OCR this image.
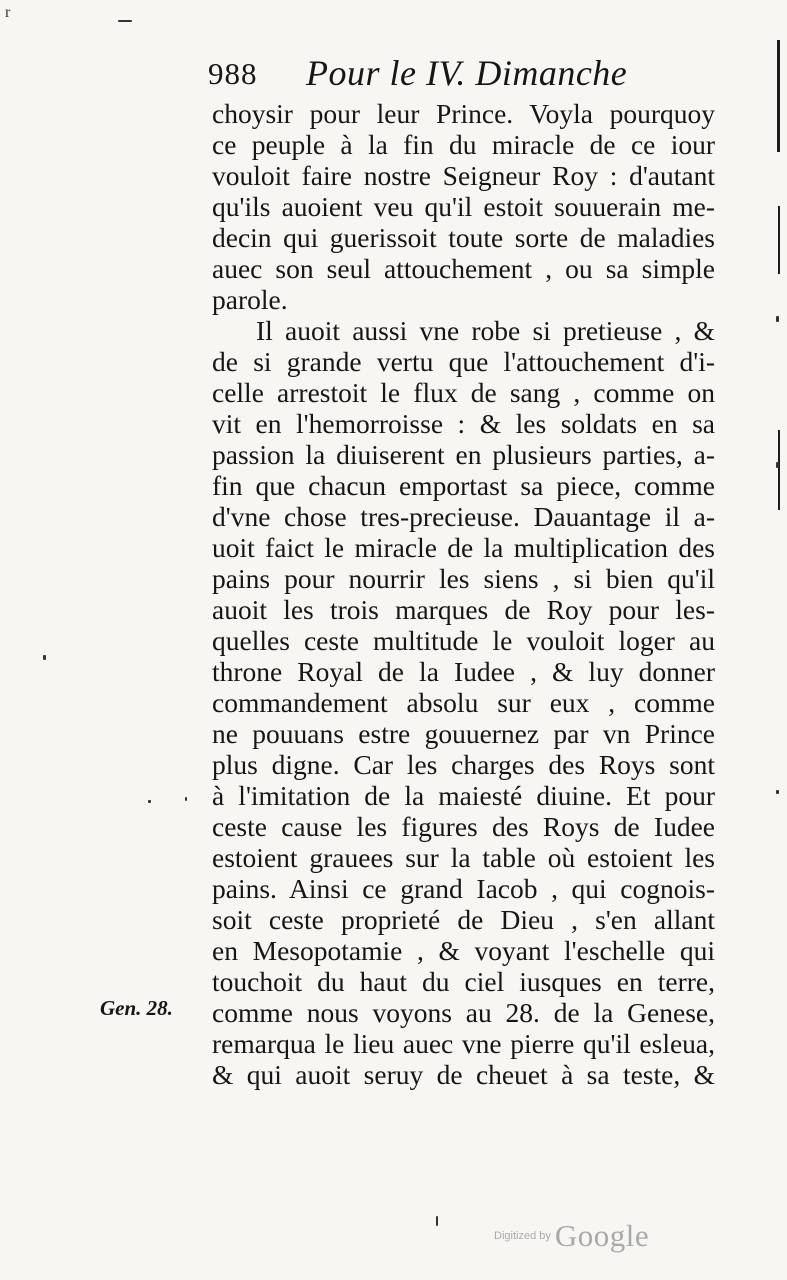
r
988 Pour le IV. Dimanche
choysir pour leur Prince. Voyla pourquoy
ce peuple à la fin du miracle de ce iour
vouloit faire nostre Seigneur Roy : d'autant
qu'ils auoient veu qu'il estoit souuerain me-
decin qui guerissoit toute sorte de maladies
auec son seul attouchement , ou sa simple
parole.
Il auoit aussi vne robe si pretieuse , &
de si grande vertu que l'attouchement d'i-
celle arrestoit le flux de sang , comme on
vit en l'hemorroisse : & les soldats en sa
passion la diuiserent en plusieurs parties, a-
fin que chacun emportast sa piece, comme
d'vne chose tres-precieuse. Dauantage il a-
uoit faict le miracle de la multiplication des
pains pour nourrir les siens , si bien qu'il
auoit les trois marques de Roy pour les-
quelles ceste multitude le vouloit loger au
throne Royal de la Iudee , & luy donner
commandement absolu sur eux , comme
ne pouuans estre gouuernez par vn Prince
plus digne. Car les charges des Roys sont
à l'imitation de la maiesté diuine. Et pour
ceste cause les figures des Roys de Iudee
estoient grauees sur la table où estoient les
pains. Ainsi ce grand Iacob , qui cognois-
soit ceste proprieté de Dieu , s'en allant
en Mesopotamie , & voyant l'eschelle qui
touchoit du haut du ciel iusques en terre,
comme nous voyons au 28. de la Genese,
remarqua le lieu auec vne pierre qu'il esleua,
& qui auoit seruy de cheuet à sa teste, &
Gen. 28.
Digitized by Google
